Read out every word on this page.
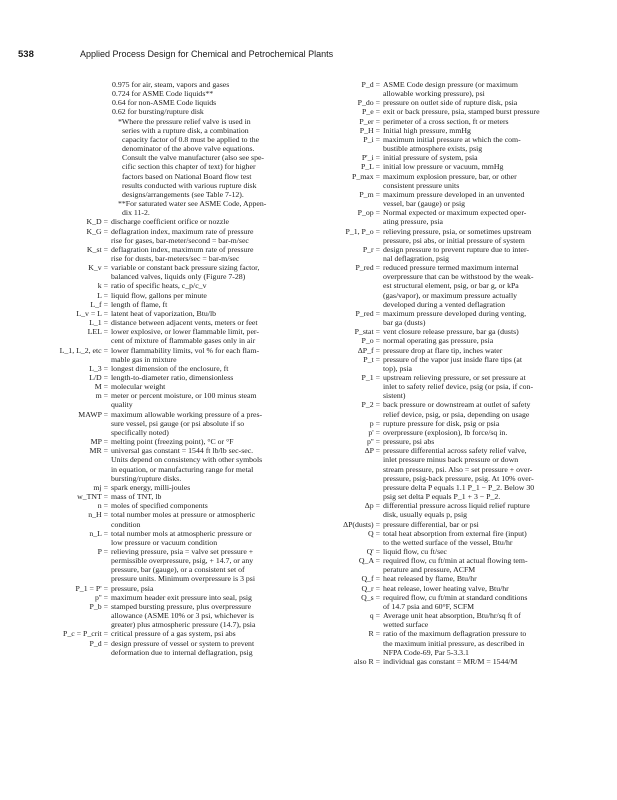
538	Applied Process Design for Chemical and Petrochemical Plants
0.975 for air, steam, vapors and gases
0.724 for ASME Code liquids**
0.64 for non-ASME Code liquids
0.62 for bursting/rupture disk
*Where the pressure relief valve is used in
series with a rupture disk, a combination
capacity factor of 0.8 must be applied to the
denominator of the above valve equations.
Consult the valve manufacturer (also see spe-
cific section this chapter of text) for higher
factors based on National Board flow test
results conducted with various rupture disk
designs/arrangements (see Table 7-12).
**For saturated water see ASME Code, Appen-
dix 11-2.
K_D = discharge coefficient orifice or nozzle
K_G = deflagration index, maximum rate of pressure
rise for gases, bar-meter/second = bar-m/sec
K_st = deflagration index, maximum rate of pressure
rise for dusts, bar-meters/sec = bar-m/sec
K_v = variable or constant back pressure sizing factor,
balanced valves, liquids only (Figure 7-28)
k = ratio of specific heats, c_p/c_v
L = liquid flow, gallons per minute
L_f = length of flame, ft
L_v = L = latent heat of vaporization, Btu/lb
L_1 = distance between adjacent vents, meters or feet
LEL = lower explosive, or lower flammable limit, per-
cent of mixture of flammable gases only in air
L_1, L_2, etc = lower flammability limits, vol % for each flam-
mable gas in mixture
L_3 = longest dimension of the enclosure, ft
L/D = length-to-diameter ratio, dimensionless
M = molecular weight
m = meter or percent moisture, or 100 minus steam
quality
MAWP = maximum allowable working pressure of a pres-
sure vessel, psi gauge (or psi absolute if so
specifically noted)
MP = melting point (freezing point), °C or °F
MR = universal gas constant = 1544 ft lb/lb sec-sec.
Units depend on consistency with other symbols
in equation, or manufacturing range for metal
bursting/rupture disks.
mj = spark energy, milli-joules
w_TNT = mass of TNT, lb
n = moles of specified components
n_H = total number moles at pressure or atmospheric
condition
n_L = total number mols at atmospheric pressure or
low pressure or vacuum condition
P = relieving pressure, psia = valve set pressure +
permissible overpressure, psig, + 14.7, or any
pressure, bar (gauge), or a consistent set of
pressure units. Minimum overpressure is 3 psi
P_1 = P' = pressure, psia
p'' = maximum header exit pressure into seal, psig
P_b = stamped bursting pressure, plus overpressure
allowance (ASME 10% or 3 psi, whichever is
greater) plus atmospheric pressure (14.7), psia
P_c = P_crit = critical pressure of a gas system, psi abs
P_d = design pressure of vessel or system to prevent
deformation due to internal deflagration, psig
P_d = ASME Code design pressure (or maximum
allowable working pressure), psi
P_do = pressure on outlet side of rupture disk, psia
P_e = exit or back pressure, psia, stamped burst pressure
P_er = perimeter of a cross section, ft or meters
P_H = Initial high pressure, mmHg
P_i = maximum initial pressure at which the com-
bustible atmosphere exists, psig
P'_i = initial pressure of system, psia
P_L = initial low pressure or vacuum, mmHg
P_max = maximum explosion pressure, bar, or other
consistent pressure units
P_m = maximum pressure developed in an unvented
vessel, bar (gauge) or psig
P_op = Normal expected or maximum expected oper-
ating pressure, psia
P_1, P_o = relieving pressure, psia, or sometimes upstream
pressure, psi abs, or initial pressure of system
P_r = design pressure to prevent rupture due to inter-
nal deflagration, psig
P_red = reduced pressure termed maximum internal
overpressure that can be withstood by the weak-
est structural element, psig, or bar g, or kPa
(gas/vapor), or maximum pressure actually
developed during a vented deflagration
P_red = maximum pressure developed during venting,
bar ga (dusts)
P_stat = vent closure release pressure, bar ga (dusts)
P_o = normal operating gas pressure, psia
ΔP_f = pressure drop at flare tip, inches water
P_t = pressure of the vapor just inside flare tips (at
top), psia
P_1 = upstream relieving pressure, or set pressure at
inlet to safety relief device, psig (or psia, if con-
sistent)
P_2 = back pressure or downstream at outlet of safety
relief device, psig, or psia, depending on usage
p = rupture pressure for disk, psig or psia
p' = overpressure (explosion), lb force/sq in.
p'' = pressure, psi abs
ΔP = pressure differential across safety relief valve,
inlet pressure minus back pressure or down
stream pressure, psi. Also = set pressure + over-
pressure, psig-back pressure, psig. At 10% over-
pressure delta P equals 1.1 P_1 − P_2. Below 30
psig set delta P equals P_1 + 3 − P_2.
Δp = differential pressure across liquid relief rupture
disk, usually equals p, psig
ΔP(dusts) = pressure differential, bar or psi
Q = total heat absorption from external fire (input)
to the wetted surface of the vessel, Btu/hr
Q' = liquid flow, cu ft/sec
Q_A = required flow, cu ft/min at actual flowing tem-
perature and pressure, ACFM
Q_f = heat released by flame, Btu/hr
Q_r = heat release, lower heating valve, Btu/hr
Q_s = required flow, cu ft/min at standard conditions
of 14.7 psia and 60°F, SCFM
q = Average unit heat absorption, Btu/hr/sq ft of
wetted surface
R = ratio of the maximum deflagration pressure to
the maximum initial pressure, as described in
NFPA Code-69, Par 5-3.3.1
also R = individual gas constant = MR/M = 1544/M
